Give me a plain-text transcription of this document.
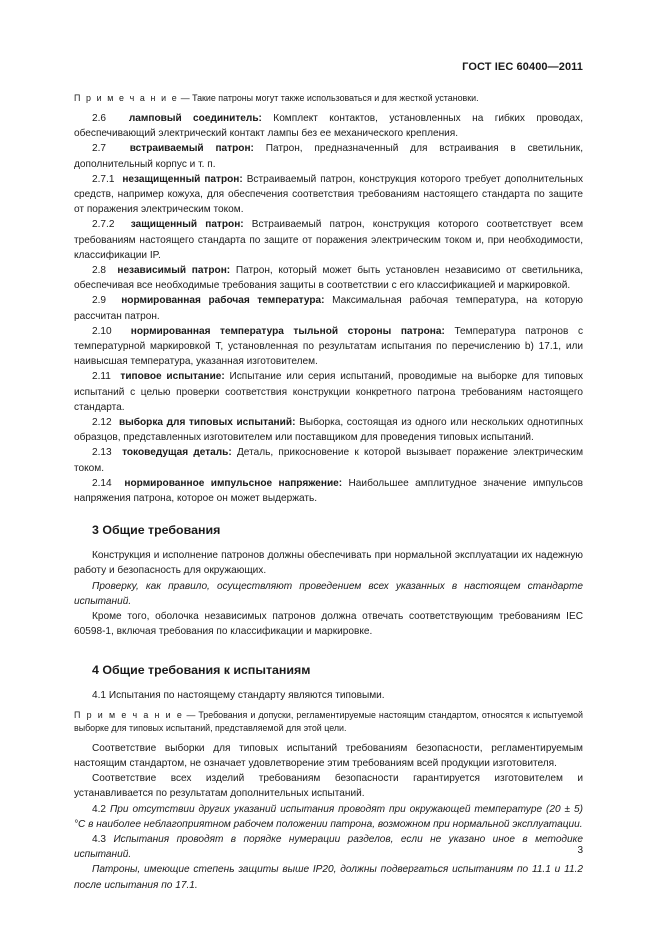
ГОСТ IEC 60400—2011

П р и м е ч а н и е — Такие патроны могут также использоваться и для жесткой установки.

2.6 ламповый соединитель: Комплект контактов, установленных на гибких проводах, обеспечивающий электрический контакт лампы без ее механического крепления.

2.7 встраиваемый патрон: Патрон, предназначенный для встраивания в светильник, дополнительный корпус и т. п.

2.7.1 незащищенный патрон: Встраиваемый патрон, конструкция которого требует дополнительных средств, например кожуха, для обеспечения соответствия требованиям настоящего стандарта по защите от поражения электрическим током.

2.7.2 защищенный патрон: Встраиваемый патрон, конструкция которого соответствует всем требованиям настоящего стандарта по защите от поражения электрическим током и, при необходимости, классификации IP.

2.8 независимый патрон: Патрон, который может быть установлен независимо от светильника, обеспечивая все необходимые требования защиты в соответствии с его классификацией и маркировкой.

2.9 нормированная рабочая температура: Максимальная рабочая температура, на которую рассчитан патрон.

2.10 нормированная температура тыльной стороны патрона: Температура патронов с температурной маркировкой T, установленная по результатам испытания по перечислению b) 17.1, или наивысшая температура, указанная изготовителем.

2.11 типовое испытание: Испытание или серия испытаний, проводимые на выборке для типовых испытаний с целью проверки соответствия конструкции конкретного патрона требованиям настоящего стандарта.

2.12 выборка для типовых испытаний: Выборка, состоящая из одного или нескольких однотипных образцов, представленных изготовителем или поставщиком для проведения типовых испытаний.

2.13 токоведущая деталь: Деталь, прикосновение к которой вызывает поражение электрическим током.

2.14 нормированное импульсное напряжение: Наибольшее амплитудное значение импульсов напряжения патрона, которое он может выдержать.

3 Общие требования

Конструкция и исполнение патронов должны обеспечивать при нормальной эксплуатации их надежную работу и безопасность для окружающих.

Проверку, как правило, осуществляют проведением всех указанных в настоящем стандарте испытаний.

Кроме того, оболочка независимых патронов должна отвечать соответствующим требованиям IEC 60598-1, включая требования по классификации и маркировке.

4 Общие требования к испытаниям

4.1 Испытания по настоящему стандарту являются типовыми.

П р и м е ч а н и е — Требования и допуски, регламентируемые настоящим стандартом, относятся к испытуемой выборке для типовых испытаний, представляемой для этой цели.

Соответствие выборки для типовых испытаний требованиям безопасности, регламентируемым настоящим стандартом, не означает удовлетворение этим требованиям всей продукции изготовителя.

Соответствие всех изделий требованиям безопасности гарантируется изготовителем и устанавливается по результатам дополнительных испытаний.

4.2 При отсутствии других указаний испытания проводят при окружающей температуре (20 ± 5) °С в наиболее неблагоприятном рабочем положении патрона, возможном при нормальной эксплуатации.

4.3 Испытания проводят в порядке нумерации разделов, если не указано иное в методике испытаний.

Патроны, имеющие степень защиты выше IP20, должны подвергаться испытаниям по 11.1 и 11.2 после испытания по 17.1.

3
